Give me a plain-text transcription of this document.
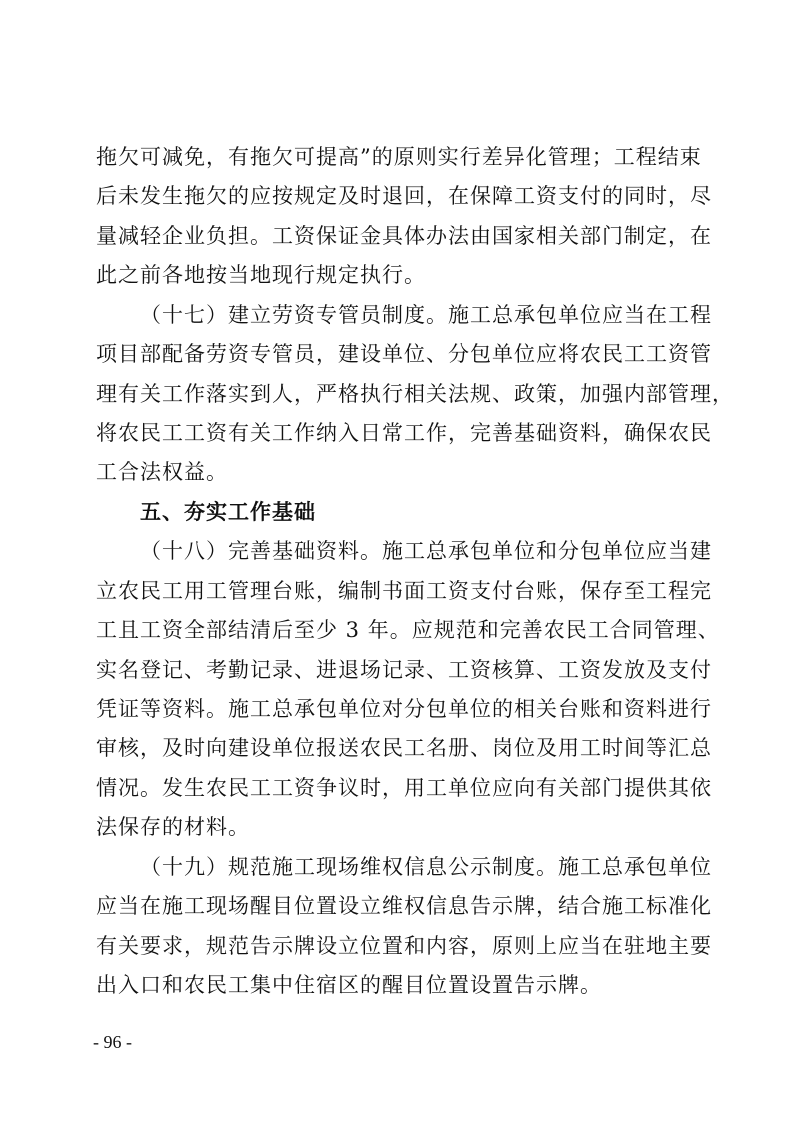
拖欠可减免，有拖欠可提高”的原则实行差异化管理；工程结束
后未发生拖欠的应按规定及时退回，在保障工资支付的同时，尽
量减轻企业负担。工资保证金具体办法由国家相关部门制定，在
此之前各地按当地现行规定执行。
（十七）建立劳资专管员制度。施工总承包单位应当在工程
项目部配备劳资专管员，建设单位、分包单位应将农民工工资管
理有关工作落实到人，严格执行相关法规、政策，加强内部管理，
将农民工工资有关工作纳入日常工作，完善基础资料，确保农民
工合法权益。
五、夯实工作基础
（十八）完善基础资料。施工总承包单位和分包单位应当建
立农民工用工管理台账，编制书面工资支付台账，保存至工程完
工且工资全部结清后至少 3 年。应规范和完善农民工合同管理、
实名登记、考勤记录、进退场记录、工资核算、工资发放及支付
凭证等资料。施工总承包单位对分包单位的相关台账和资料进行
审核，及时向建设单位报送农民工名册、岗位及用工时间等汇总
情况。发生农民工工资争议时，用工单位应向有关部门提供其依
法保存的材料。
（十九）规范施工现场维权信息公示制度。施工总承包单位
应当在施工现场醒目位置设立维权信息告示牌，结合施工标准化
有关要求，规范告示牌设立位置和内容，原则上应当在驻地主要
出入口和农民工集中住宿区的醒目位置设置告示牌。
- 96 -
